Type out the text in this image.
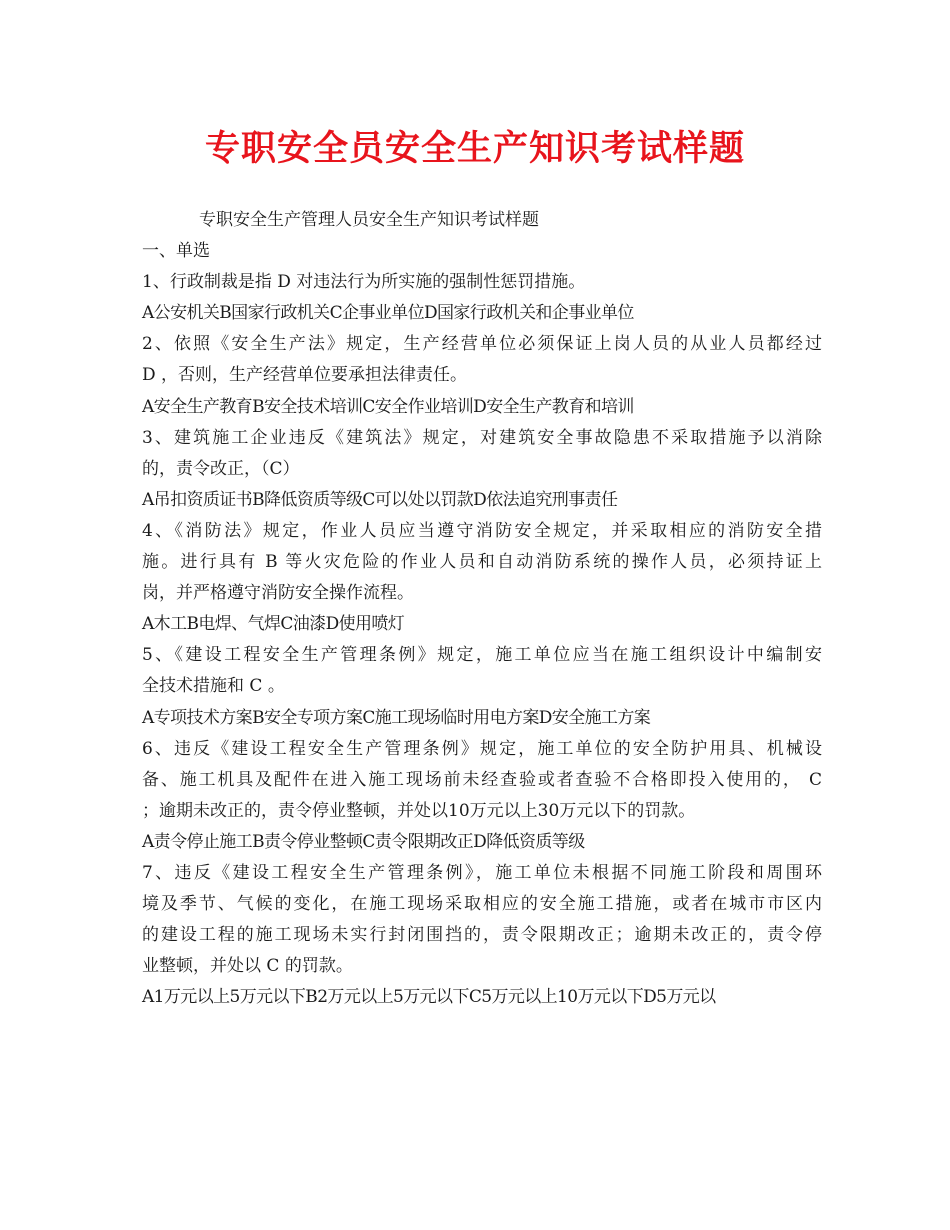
专职安全员安全生产知识考试样题
专职安全生产管理人员安全生产知识考试样题
一、单选
1、行政制裁是指 D 对违法行为所实施的强制性惩罚措施。
A公安机关B国家行政机关C企事业单位D国家行政机关和企事业单位
2、依照《安全生产法》规定，生产经营单位必须保证上岗人员的从业人员都经过
D ，否则，生产经营单位要承担法律责任。
A安全生产教育B安全技术培训C安全作业培训D安全生产教育和培训
3、建筑施工企业违反《建筑法》规定，对建筑安全事故隐患不采取措施予以消除
的，责令改正，（C）
A吊扣资质证书B降低资质等级C可以处以罚款D依法追究刑事责任
4、《消防法》规定，作业人员应当遵守消防安全规定，并采取相应的消防安全措
施。进行具有 B 等火灾危险的作业人员和自动消防系统的操作人员，必须持证上
岗，并严格遵守消防安全操作流程。
A木工B电焊、气焊C油漆D使用喷灯
5、《建设工程安全生产管理条例》规定，施工单位应当在施工组织设计中编制安
全技术措施和 C 。
A专项技术方案B安全专项方案C施工现场临时用电方案D安全施工方案
6、违反《建设工程安全生产管理条例》规定，施工单位的安全防护用具、机械设
备、施工机具及配件在进入施工现场前未经查验或者查验不合格即投入使用的， C
；逾期未改正的，责令停业整顿，并处以10万元以上30万元以下的罚款。
A责令停止施工B责令停业整顿C责令限期改正D降低资质等级
7、违反《建设工程安全生产管理条例》，施工单位未根据不同施工阶段和周围环
境及季节、气候的变化，在施工现场采取相应的安全施工措施，或者在城市市区内
的建设工程的施工现场未实行封闭围挡的，责令限期改正；逾期未改正的，责令停
业整顿，并处以 C 的罚款。
A1万元以上5万元以下B2万元以上5万元以下C5万元以上10万元以下D5万元以
